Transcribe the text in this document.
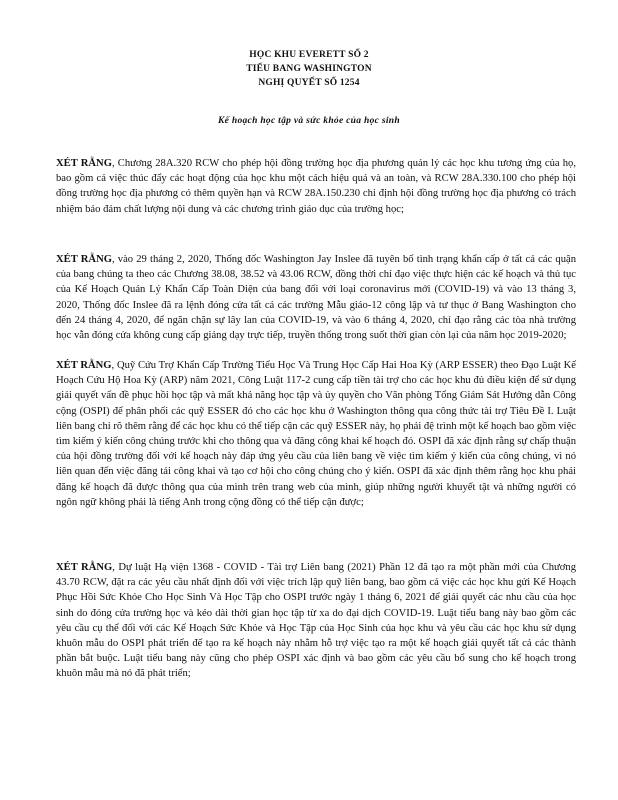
HỌC KHU EVERETT SỐ 2
TIỂU BANG WASHINGTON
NGHỊ QUYẾT SỐ 1254
Kế hoạch học tập và sức khỏe của học sinh

XÉT RẰNG, Chương 28A.320 RCW cho phép hội đồng trường học địa phương quản lý các học khu tương ứng của họ, bao gồm cả việc thúc đẩy các hoạt động của học khu một cách hiệu quả và an toàn, và RCW 28A.330.100 cho phép hội đồng trường học địa phương có thêm quyền hạn và RCW 28A.150.230 chỉ định hội đồng trường học địa phương có trách nhiệm bảo đảm chất lượng nội dung và các chương trình giáo dục của trường học;

XÉT RẰNG, vào 29 tháng 2, 2020, Thống đốc Washington Jay Inslee đã tuyên bố tình trạng khẩn cấp ở tất cả các quận của bang chúng ta theo các Chương 38.08, 38.52 và 43.06 RCW, đồng thời chỉ đạo việc thực hiện các kế hoạch và thủ tục của Kế Hoạch Quản Lý Khẩn Cấp Toàn Diện của bang đối với loại coronavirus mới (COVID-19) và vào 13 tháng 3, 2020, Thống đốc Inslee đã ra lệnh đóng cửa tất cả các trường Mẫu giáo-12 công lập và tư thục ở Bang Washington cho đến 24 tháng 4, 2020, để ngăn chặn sự lây lan của COVID-19, và vào 6 tháng 4, 2020, chỉ đạo rằng các tòa nhà trường học vẫn đóng cửa không cung cấp giảng dạy trực tiếp, truyền thống trong suốt thời gian còn lại của năm học 2019-2020;

XÉT RẰNG, Quỹ Cứu Trợ Khẩn Cấp Trường Tiểu Học Và Trung Học Cấp Hai Hoa Kỳ (ARP ESSER) theo Đạo Luật Kế Hoạch Cứu Hộ Hoa Kỳ (ARP) năm 2021, Công Luật 117-2 cung cấp tiền tài trợ cho các học khu đủ điều kiện để sử dụng giải quyết vấn đề phục hồi học tập và mất khả năng học tập và ủy quyền cho Văn phòng Tổng Giám Sát Hướng dẫn Công cộng (OSPI) để phân phối các quỹ ESSER đó cho các học khu ở Washington thông qua công thức tài trợ Tiêu Đề I. Luật liên bang chỉ rõ thêm rằng để các học khu có thể tiếp cận các quỹ ESSER này, họ phải đệ trình một kế hoạch bao gồm việc tìm kiếm ý kiến công chúng trước khi cho thông qua và đăng công khai kế hoạch đó. OSPI đã xác định rằng sự chấp thuận của hội đồng trường đối với kế hoạch này đáp ứng yêu cầu của liên bang về việc tìm kiếm ý kiến của công chúng, vì nó liên quan đến việc đăng tải công khai và tạo cơ hội cho công chúng cho ý kiến. OSPI đã xác định thêm rằng học khu phải đăng kế hoạch đã được thông qua của mình trên trang web của mình, giúp những người khuyết tật và những người có ngôn ngữ không phải là tiếng Anh trong cộng đồng có thể tiếp cận được;

XÉT RẰNG, Dự luật Hạ viện 1368 - COVID - Tài trợ Liên bang (2021) Phần 12 đã tạo ra một phần mới của Chương 43.70 RCW, đặt ra các yêu cầu nhất định đối với việc trích lập quỹ liên bang, bao gồm cả việc các học khu gửi Kế Hoạch Phục Hồi Sức Khỏe Cho Học Sinh Và Học Tập cho OSPI trước ngày 1 tháng 6, 2021 để giải quyết các nhu cầu của học sinh do đóng cửa trường học và kéo dài thời gian học tập từ xa do đại dịch COVID-19. Luật tiểu bang này bao gồm các yêu cầu cụ thể đối với các Kế Hoạch Sức Khỏe và Học Tập của Học Sinh của học khu và yêu cầu các học khu sử dụng khuôn mẫu do OSPI phát triển để tạo ra kế hoạch này nhằm hỗ trợ việc tạo ra một kế hoạch giải quyết tất cả các thành phần bắt buộc. Luật tiểu bang này cũng cho phép OSPI xác định và bao gồm các yêu cầu bổ sung cho kế hoạch trong khuôn mẫu mà nó đã phát triển;
